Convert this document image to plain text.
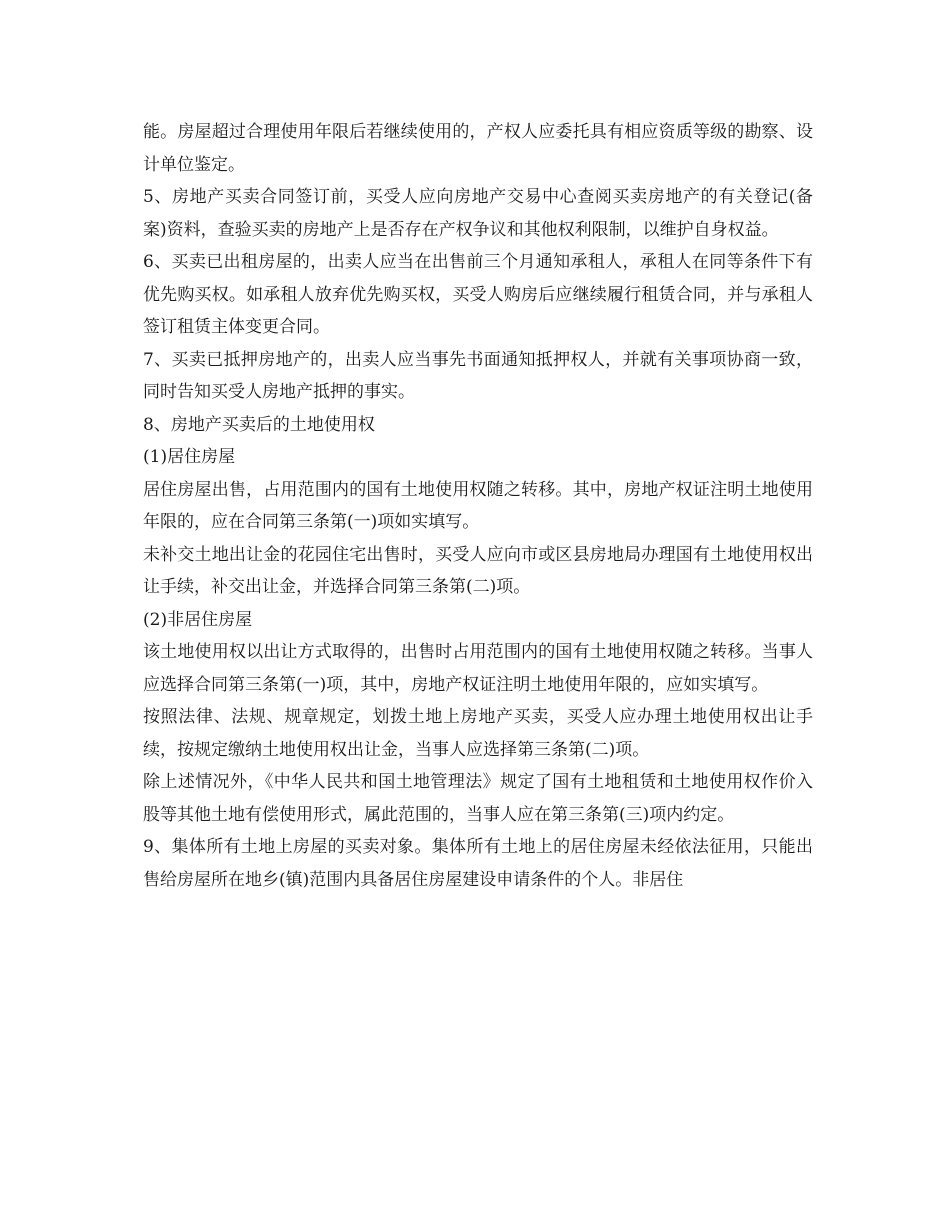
能。房屋超过合理使用年限后若继续使用的，产权人应委托具有相应资质等级的勘察、设计单位鉴定。

5、房地产买卖合同签订前，买受人应向房地产交易中心查阅买卖房地产的有关登记(备案)资料，查验买卖的房地产上是否存在产权争议和其他权利限制，以维护自身权益。

6、买卖已出租房屋的，出卖人应当在出售前三个月通知承租人，承租人在同等条件下有优先购买权。如承租人放弃优先购买权，买受人购房后应继续履行租赁合同，并与承租人签订租赁主体变更合同。

7、买卖已抵押房地产的，出卖人应当事先书面通知抵押权人，并就有关事项协商一致，同时告知买受人房地产抵押的事实。

8、房地产买卖后的土地使用权

(1)居住房屋

居住房屋出售，占用范围内的国有土地使用权随之转移。其中，房地产权证注明土地使用年限的，应在合同第三条第(一)项如实填写。

未补交土地出让金的花园住宅出售时，买受人应向市或区县房地局办理国有土地使用权出让手续，补交出让金，并选择合同第三条第(二)项。

(2)非居住房屋

该土地使用权以出让方式取得的，出售时占用范围内的国有土地使用权随之转移。当事人应选择合同第三条第(一)项，其中，房地产权证注明土地使用年限的，应如实填写。

按照法律、法规、规章规定，划拨土地上房地产买卖，买受人应办理土地使用权出让手续，按规定缴纳土地使用权出让金，当事人应选择第三条第(二)项。

除上述情况外，《中华人民共和国土地管理法》规定了国有土地租赁和土地使用权作价入股等其他土地有偿使用形式，属此范围的，当事人应在第三条第(三)项内约定。

9、集体所有土地上房屋的买卖对象。集体所有土地上的居住房屋未经依法征用，只能出售给房屋所在地乡(镇)范围内具备居住房屋建设申请条件的个人。非居住
